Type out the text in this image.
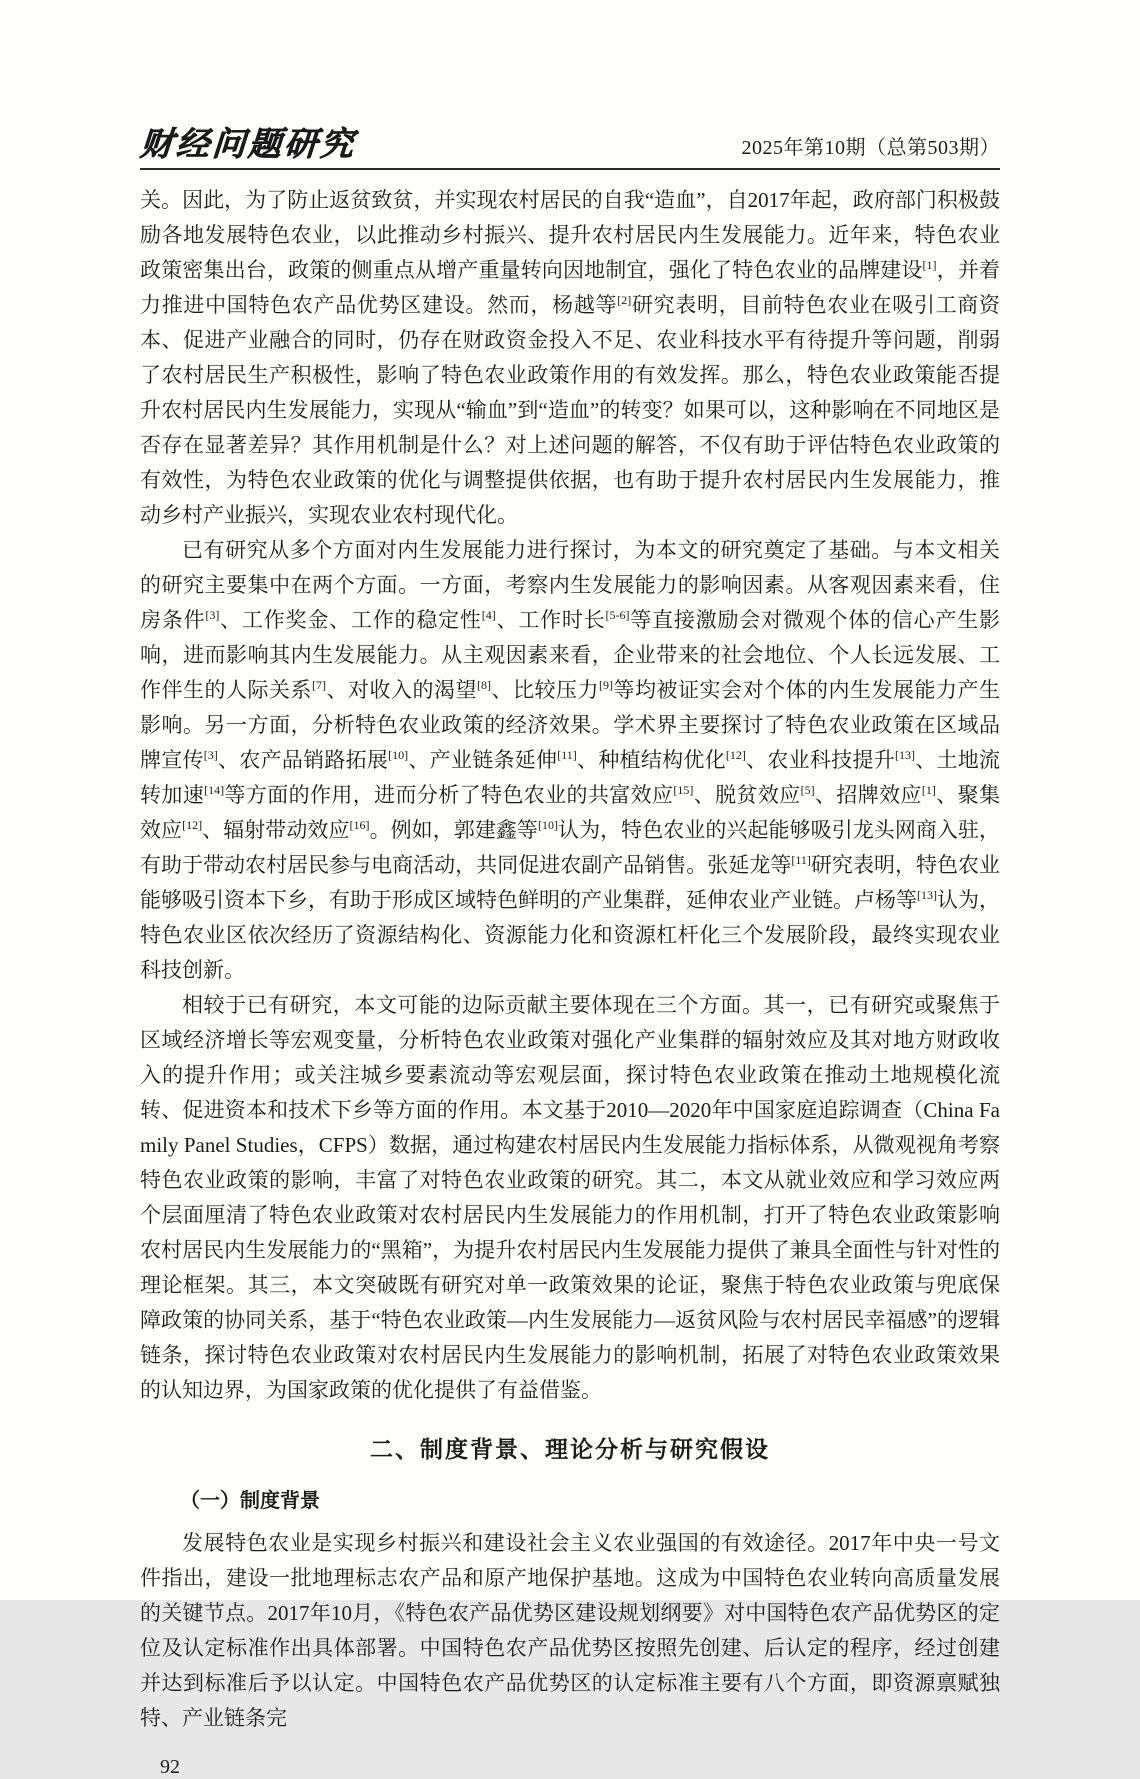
财经问题研究	2025年第10期（总第503期）

关。因此，为了防止返贫致贫，并实现农村居民的自我“造血”，自2017年起，政府部门积极鼓励各地发展特色农业，以此推动乡村振兴、提升农村居民内生发展能力。近年来，特色农业政策密集出台，政策的侧重点从增产重量转向因地制宜，强化了特色农业的品牌建设[1]，并着力推进中国特色农产品优势区建设。然而，杨越等[2]研究表明，目前特色农业在吸引工商资本、促进产业融合的同时，仍存在财政资金投入不足、农业科技水平有待提升等问题，削弱了农村居民生产积极性，影响了特色农业政策作用的有效发挥。那么，特色农业政策能否提升农村居民内生发展能力，实现从“输血”到“造血”的转变？如果可以，这种影响在不同地区是否存在显著差异？其作用机制是什么？对上述问题的解答，不仅有助于评估特色农业政策的有效性，为特色农业政策的优化与调整提供依据，也有助于提升农村居民内生发展能力，推动乡村产业振兴，实现农业农村现代化。

已有研究从多个方面对内生发展能力进行探讨，为本文的研究奠定了基础。与本文相关的研究主要集中在两个方面。一方面，考察内生发展能力的影响因素。从客观因素来看，住房条件[3]、工作奖金、工作的稳定性[4]、工作时长[5-6]等直接激励会对微观个体的信心产生影响，进而影响其内生发展能力。从主观因素来看，企业带来的社会地位、个人长远发展、工作伴生的人际关系[7]、对收入的渴望[8]、比较压力[9]等均被证实会对个体的内生发展能力产生影响。另一方面，分析特色农业政策的经济效果。学术界主要探讨了特色农业政策在区域品牌宣传[3]、农产品销路拓展[10]、产业链条延伸[11]、种植结构优化[12]、农业科技提升[13]、土地流转加速[14]等方面的作用，进而分析了特色农业的共富效应[15]、脱贫效应[5]、招牌效应[1]、聚集效应[12]、辐射带动效应[16]。例如，郭建鑫等[10]认为，特色农业的兴起能够吸引龙头网商入驻，有助于带动农村居民参与电商活动，共同促进农副产品销售。张延龙等[11]研究表明，特色农业能够吸引资本下乡，有助于形成区域特色鲜明的产业集群，延伸农业产业链。卢杨等[13]认为，特色农业区依次经历了资源结构化、资源能力化和资源杠杆化三个发展阶段，最终实现农业科技创新。

相较于已有研究，本文可能的边际贡献主要体现在三个方面。其一，已有研究或聚焦于区域经济增长等宏观变量，分析特色农业政策对强化产业集群的辐射效应及其对地方财政收入的提升作用；或关注城乡要素流动等宏观层面，探讨特色农业政策在推动土地规模化流转、促进资本和技术下乡等方面的作用。本文基于2010—2020年中国家庭追踪调查（China Family Panel Studies，CFPS）数据，通过构建农村居民内生发展能力指标体系，从微观视角考察特色农业政策的影响，丰富了对特色农业政策的研究。其二，本文从就业效应和学习效应两个层面厘清了特色农业政策对农村居民内生发展能力的作用机制，打开了特色农业政策影响农村居民内生发展能力的“黑箱”，为提升农村居民内生发展能力提供了兼具全面性与针对性的理论框架。其三，本文突破既有研究对单一政策效果的论证，聚焦于特色农业政策与兜底保障政策的协同关系，基于“特色农业政策—内生发展能力—返贫风险与农村居民幸福感”的逻辑链条，探讨特色农业政策对农村居民内生发展能力的影响机制，拓展了对特色农业政策效果的认知边界，为国家政策的优化提供了有益借鉴。

二、制度背景、理论分析与研究假设
（一）制度背景

发展特色农业是实现乡村振兴和建设社会主义农业强国的有效途径。2017年中央一号文件指出，建设一批地理标志农产品和原产地保护基地。这成为中国特色农业转向高质量发展的关键节点。2017年10月，《特色农产品优势区建设规划纲要》对中国特色农产品优势区的定位及认定标准作出具体部署。中国特色农产品优势区按照先创建、后认定的程序，经过创建并达到标准后予以认定。中国特色农产品优势区的认定标准主要有八个方面，即资源禀赋独特、产业链条完

92
